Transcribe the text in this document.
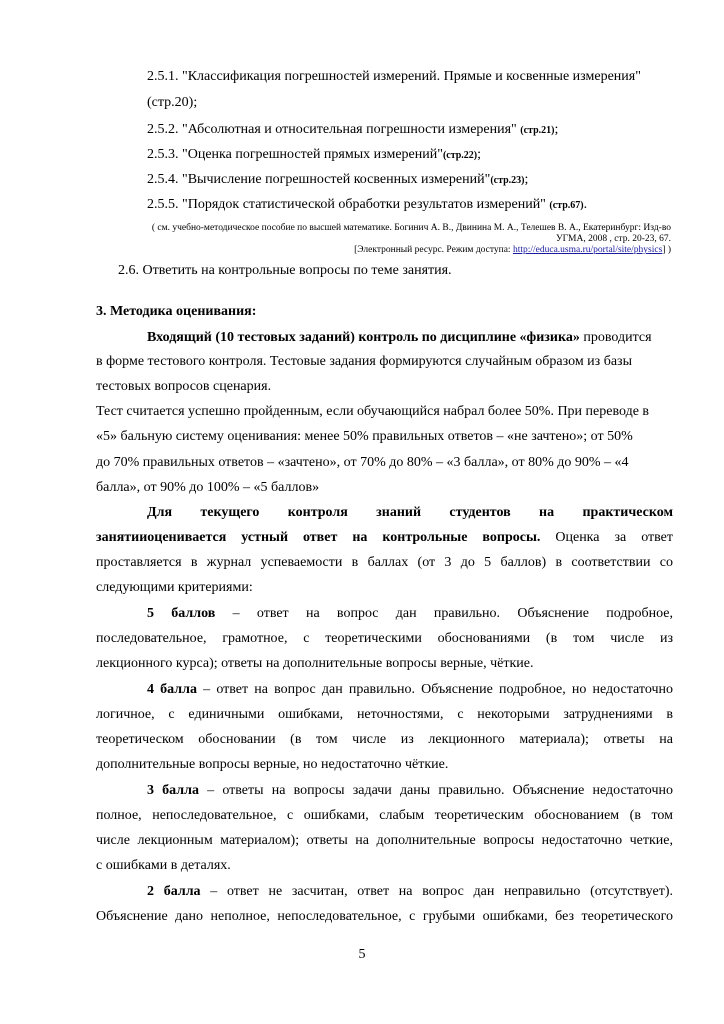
2.5.1. "Классификация погрешностей измерений. Прямые и косвенные измерения"
(стр.20);
2.5.2. "Абсолютная и относительная погрешности измерения" (стр.21);
2.5.3. "Оценка погрешностей прямых измерений"(стр.22);
2.5.4. "Вычисление погрешностей косвенных измерений"(стр.23);
2.5.5. "Порядок статистической обработки результатов измерений" (стр.67).
( см. учебно-методическое пособие по высшей математике. Богинич А. В., Двинина М. А., Телешев В. А., Екатеринбург: Изд-во
УГМА, 2008 , стр. 20-23, 67.
[Электронный ресурс. Режим доступа: http://educa.usma.ru/portal/site/physics] )
2.6. Ответить на контрольные вопросы по теме занятия.
3. Методика оценивания:
Входящий (10 тестовых заданий) контроль по дисциплине «физика» проводится
в форме тестового контроля. Тестовые задания формируются случайным образом из базы
тестовых вопросов сценария.
Тест считается успешно пройденным, если обучающийся набрал более 50%. При переводе в
«5» бальную систему оценивания: менее 50% правильных ответов – «не зачтено»; от 50%
до 70% правильных ответов – «зачтено», от 70% до 80% – «3 балла», от 80% до 90% – «4
балла», от 90% до 100% – «5 баллов»
Для текущего контроля знаний студентов на практическом
занятииоценивается устный ответ на контрольные вопросы. Оценка за ответ
проставляется в журнал успеваемости в баллах (от 3 до 5 баллов) в соответствии со
следующими критериями:
5 баллов – ответ на вопрос дан правильно. Объяснение подробное,
последовательное, грамотное, с теоретическими обоснованиями (в том числе из
лекционного курса); ответы на дополнительные вопросы верные, чёткие.
4 балла – ответ на вопрос дан правильно. Объяснение подробное, но недостаточно
логичное, с единичными ошибками, неточностями, с некоторыми затруднениями в
теоретическом обосновании (в том числе из лекционного материала); ответы на
дополнительные вопросы верные, но недостаточно чёткие.
3 балла – ответы на вопросы задачи даны правильно. Объяснение недостаточно
полное, непоследовательное, с ошибками, слабым теоретическим обоснованием (в том
числе лекционным материалом); ответы на дополнительные вопросы недостаточно четкие,
с ошибками в деталях.
2 балла – ответ не засчитан, ответ на вопрос дан неправильно (отсутствует).
Объяснение дано неполное, непоследовательное, с грубыми ошибками, без теоретического
5
